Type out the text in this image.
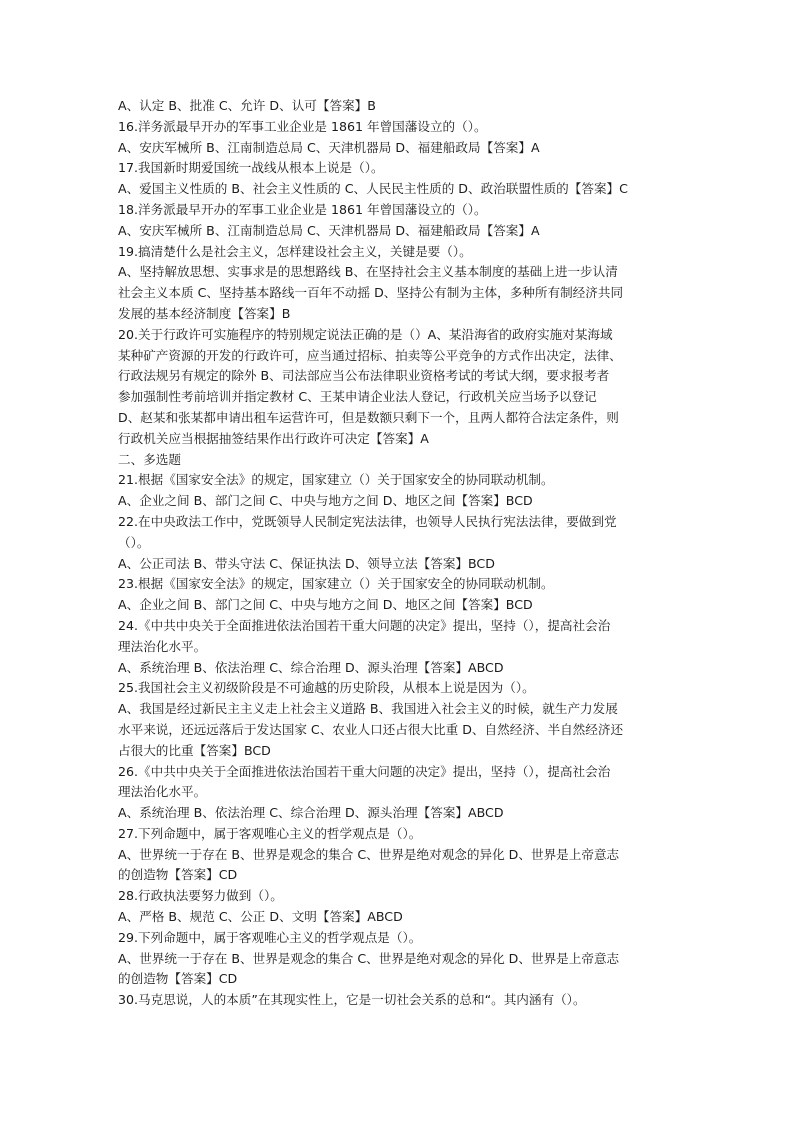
A、认定 B、批准 C、允许 D、认可【答案】B
16.洋务派最早开办的军事工业企业是 1861 年曾国藩设立的（）。
A、安庆军械所 B、江南制造总局 C、天津机器局 D、福建船政局【答案】A
17.我国新时期爱国统一战线从根本上说是（）。
A、爱国主义性质的 B、社会主义性质的 C、人民民主性质的 D、政治联盟性质的【答案】C
18.洋务派最早开办的军事工业企业是 1861 年曾国藩设立的（）。
A、安庆军械所 B、江南制造总局 C、天津机器局 D、福建船政局【答案】A
19.搞清楚什么是社会主义，怎样建设社会主义，关键是要（）。
A、坚持解放思想、实事求是的思想路线 B、在坚持社会主义基本制度的基础上进一步认清
社会主义本质 C、坚持基本路线一百年不动摇 D、坚持公有制为主体，多种所有制经济共同
发展的基本经济制度【答案】B
20.关于行政许可实施程序的特别规定说法正确的是（）A、某沿海省的政府实施对某海域
某种矿产资源的开发的行政许可，应当通过招标、拍卖等公平竞争的方式作出决定，法律、
行政法规另有规定的除外 B、司法部应当公布法律职业资格考试的考试大纲，要求报考者
参加强制性考前培训并指定教材 C、王某申请企业法人登记，行政机关应当场予以登记
D、赵某和张某都申请出租车运营许可，但是数额只剩下一个，且两人都符合法定条件，则
行政机关应当根据抽签结果作出行政许可决定【答案】A
二、多选题
21.根据《国家安全法》的规定，国家建立（）关于国家安全的协同联动机制。
A、企业之间 B、部门之间 C、中央与地方之间 D、地区之间【答案】BCD
22.在中央政法工作中，党既领导人民制定宪法法律，也领导人民执行宪法法律，要做到党
（）。
A、公正司法 B、带头守法 C、保证执法 D、领导立法【答案】BCD
23.根据《国家安全法》的规定，国家建立（）关于国家安全的协同联动机制。
A、企业之间 B、部门之间 C、中央与地方之间 D、地区之间【答案】BCD
24.《中共中央关于全面推进依法治国若干重大问题的决定》提出，坚持（），提高社会治
理法治化水平。
A、系统治理 B、依法治理 C、综合治理 D、源头治理【答案】ABCD
25.我国社会主义初级阶段是不可逾越的历史阶段，从根本上说是因为（）。
A、我国是经过新民主主义走上社会主义道路 B、我国进入社会主义的时候，就生产力发展
水平来说，还远远落后于发达国家 C、农业人口还占很大比重 D、自然经济、半自然经济还
占很大的比重【答案】BCD
26.《中共中央关于全面推进依法治国若干重大问题的决定》提出，坚持（），提高社会治
理法治化水平。
A、系统治理 B、依法治理 C、综合治理 D、源头治理【答案】ABCD
27.下列命题中，属于客观唯心主义的哲学观点是（）。
A、世界统一于存在 B、世界是观念的集合 C、世界是绝对观念的异化 D、世界是上帝意志
的创造物【答案】CD
28.行政执法要努力做到（）。
A、严格 B、规范 C、公正 D、文明【答案】ABCD
29.下列命题中，属于客观唯心主义的哲学观点是（）。
A、世界统一于存在 B、世界是观念的集合 C、世界是绝对观念的异化 D、世界是上帝意志
的创造物【答案】CD
30.马克思说，人的本质”在其现实性上，它是一切社会关系的总和“。其内涵有（）。
